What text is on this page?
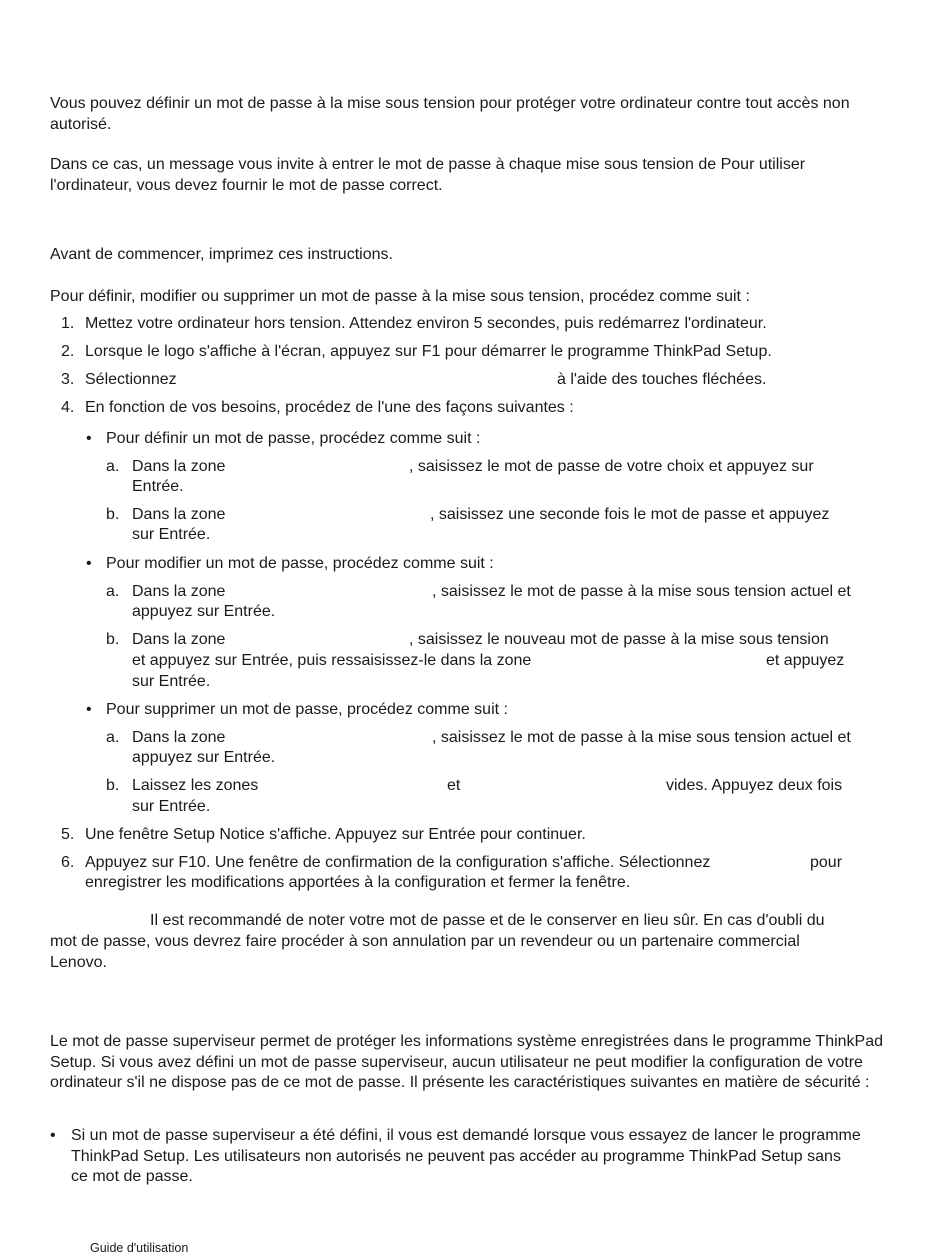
Vous pouvez définir un mot de passe à la mise sous tension pour protéger votre ordinateur contre tout accès non autorisé.

Dans ce cas, un message vous invite à entrer le mot de passe à chaque mise sous tension de Pour utiliser l'ordinateur, vous devez fournir le mot de passe correct.

Avant de commencer, imprimez ces instructions.

Pour définir, modifier ou supprimer un mot de passe à la mise sous tension, procédez comme suit :

1. Mettez votre ordinateur hors tension. Attendez environ 5 secondes, puis redémarrez l'ordinateur.
2. Lorsque le logo s'affiche à l'écran, appuyez sur F1 pour démarrer le programme ThinkPad Setup.
3. Sélectionnez	à l'aide des touches fléchées.
4. En fonction de vos besoins, procédez de l'une des façons suivantes :
• Pour définir un mot de passe, procédez comme suit :
a. Dans la zone	, saisissez le mot de passe de votre choix et appuyez sur
Entrée.
b. Dans la zone	, saisissez une seconde fois le mot de passe et appuyez
sur Entrée.
• Pour modifier un mot de passe, procédez comme suit :
a. Dans la zone	, saisissez le mot de passe à la mise sous tension actuel et
appuyez sur Entrée.
b. Dans la zone	, saisissez le nouveau mot de passe à la mise sous tension
et appuyez sur Entrée, puis ressaisissez-le dans la zone	et appuyez
sur Entrée.
• Pour supprimer un mot de passe, procédez comme suit :
a. Dans la zone	, saisissez le mot de passe à la mise sous tension actuel et
appuyez sur Entrée.
b. Laissez les zones	et	vides. Appuyez deux fois
sur Entrée.
5. Une fenêtre Setup Notice s'affiche. Appuyez sur Entrée pour continuer.
6. Appuyez sur F10. Une fenêtre de confirmation de la configuration s'affiche. Sélectionnez	pour
enregistrer les modifications apportées à la configuration et fermer la fenêtre.
Il est recommandé de noter votre mot de passe et de le conserver en lieu sûr. En cas d'oubli du
mot de passe, vous devrez faire procéder à son annulation par un revendeur ou un partenaire commercial
Lenovo.

Le mot de passe superviseur permet de protéger les informations système enregistrées dans le programme ThinkPad Setup. Si vous avez défini un mot de passe superviseur, aucun utilisateur ne peut modifier la configuration de votre ordinateur s'il ne dispose pas de ce mot de passe. Il présente les caractéristiques suivantes en matière de sécurité :

• Si un mot de passe superviseur a été défini, il vous est demandé lorsque vous essayez de lancer le programme ThinkPad Setup. Les utilisateurs non autorisés ne peuvent pas accéder au programme ThinkPad Setup sans ce mot de passe.
Guide d'utilisation
